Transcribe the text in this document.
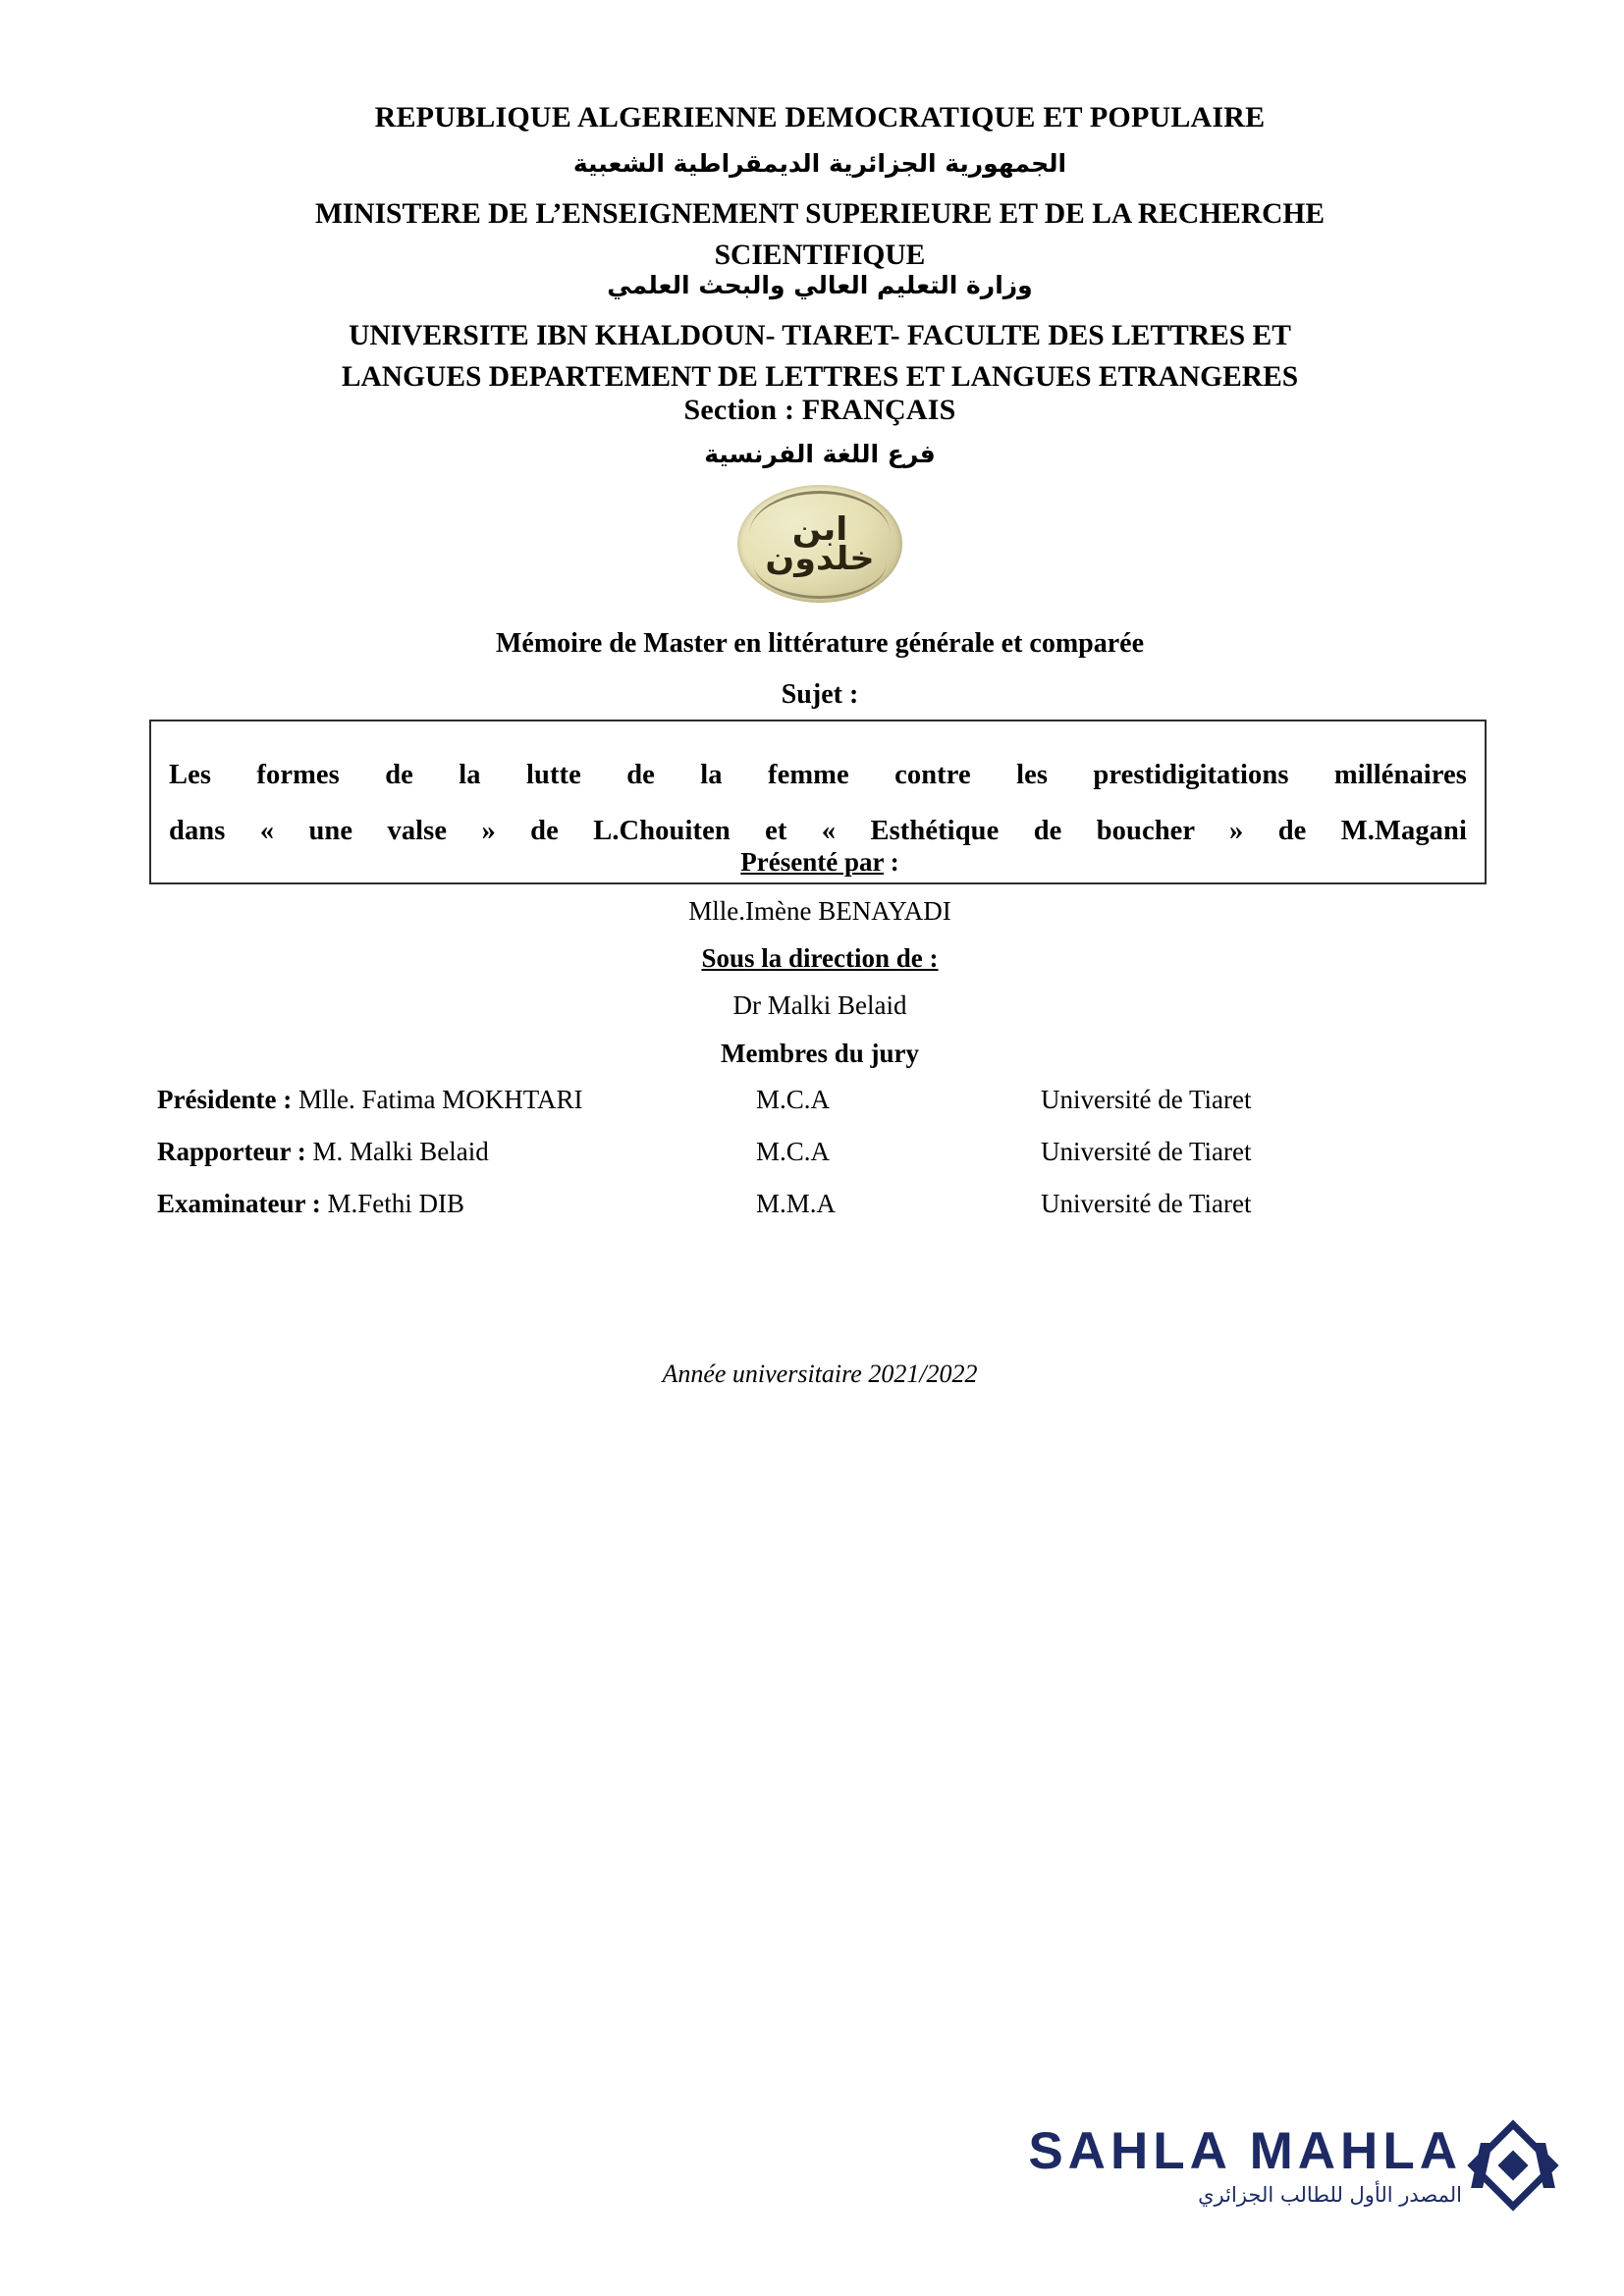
REPUBLIQUE ALGERIENNE DEMOCRATIQUE ET POPULAIRE
الجمهورية الجزائرية الديمقراطية الشعبية
MINISTERE DE L’ENSEIGNEMENT SUPERIEURE ET DE LA RECHERCHE
SCIENTIFIQUE
وزارة التعليم العالي والبحث العلمي
UNIVERSITE IBN KHALDOUN- TIARET- FACULTE DES LETTRES ET
LANGUES DEPARTEMENT DE LETTRES ET LANGUES ETRANGERES
Section : FRANÇAIS
فرع اللغة الفرنسية
ابن خلدون
Mémoire de Master en littérature générale et comparée
Sujet :

Les formes de la lutte de la femme contre les prestidigitations millénaires

dans « une valse » de L.Chouiten et « Esthétique de boucher » de M.Magani

Présenté par :
Mlle.Imène BENAYADI
Sous la direction de :
Dr Malki Belaid
Membres du jury
Présidente : Mlle. Fatima MOKHTARI	M.C.A	Université de Tiaret
Rapporteur : M. Malki Belaid	M.C.A	Université de Tiaret
Examinateur : M.Fethi DIB	M.M.A	Université de Tiaret
Année universitaire 2021/2022
SAHLA MAHLA
المصدر الأول للطالب الجزائري
